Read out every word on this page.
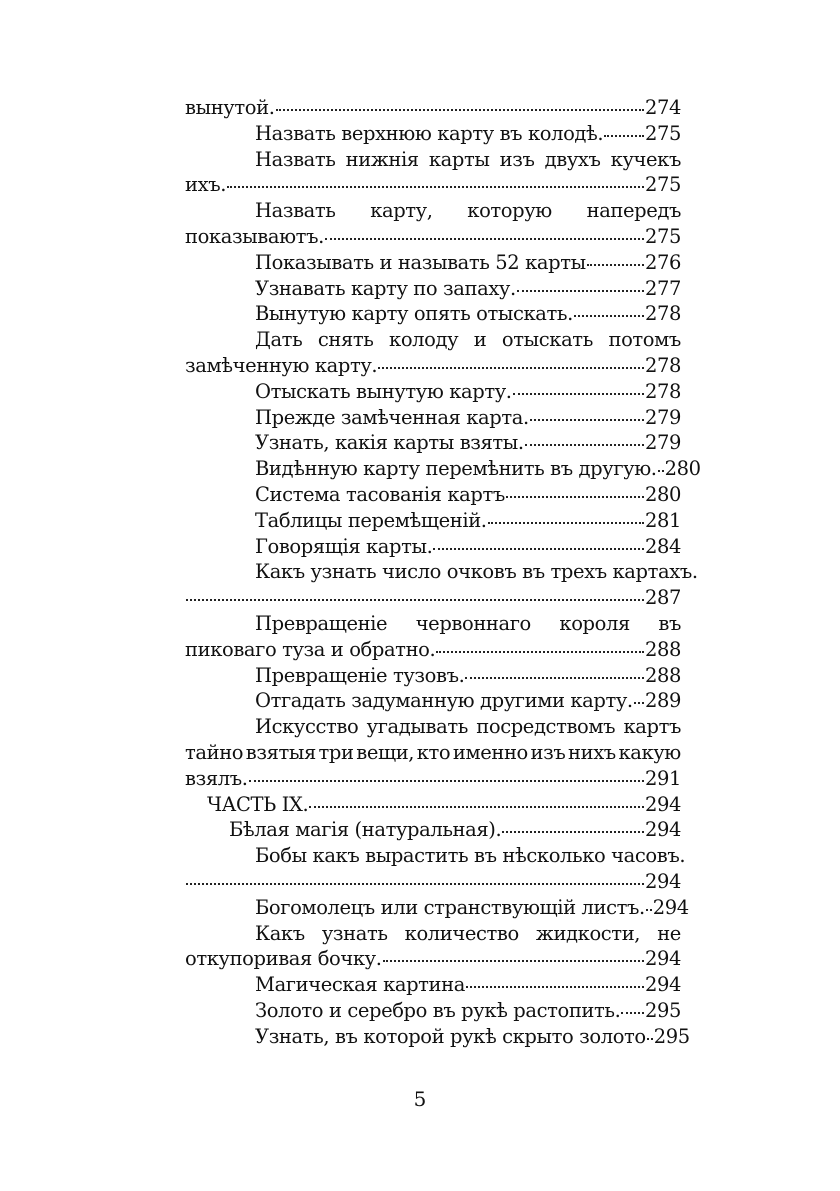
вынутой.	274
Назвать верхнюю карту въ колодѣ. 275
Назвать нижнія карты изъ двухъ кучекъ
ихъ.	275
Назвать карту, которую напередъ
показываютъ.	275
Показывать и называть 52 карты	276
Узнавать карту по запаху.	277
Вынутую карту опять отыскать.	278
Дать снять колоду и отыскать потомъ
замѣченную карту.	278
Отыскать вынутую карту.	278
Прежде замѣченная карта.	279
Узнать, какія карты взяты.	279
Видѣнную карту перемѣнить въ другую. 280
Система тасованія картъ	280
Таблицы перемѣщеній.	281
Говорящія карты.	284
Какъ узнать число очковъ въ трехъ картахъ.
287
Превращеніе червоннаго короля въ
пиковаго туза и обратно.	288
Превращеніе тузовъ.	288
Отгадать задуманную другими карту. 289
Искусство угадывать посредствомъ картъ
тайно взятыя три вещи, кто именно изъ нихъ какую
взялъ.	291
ЧАСТЬ IX.	294
Бѣлая магія (натуральная).	294
Бобы какъ вырастить въ нѣсколько часовъ.
294
Богомолецъ или странствующій листъ. 294
Какъ узнать количество жидкости, не
откупоривая бочку.	294
Магическая картина	294
Золото и серебро въ рукѣ растопить. 295
Узнать, въ которой рукѣ скрыто золото 295
5
